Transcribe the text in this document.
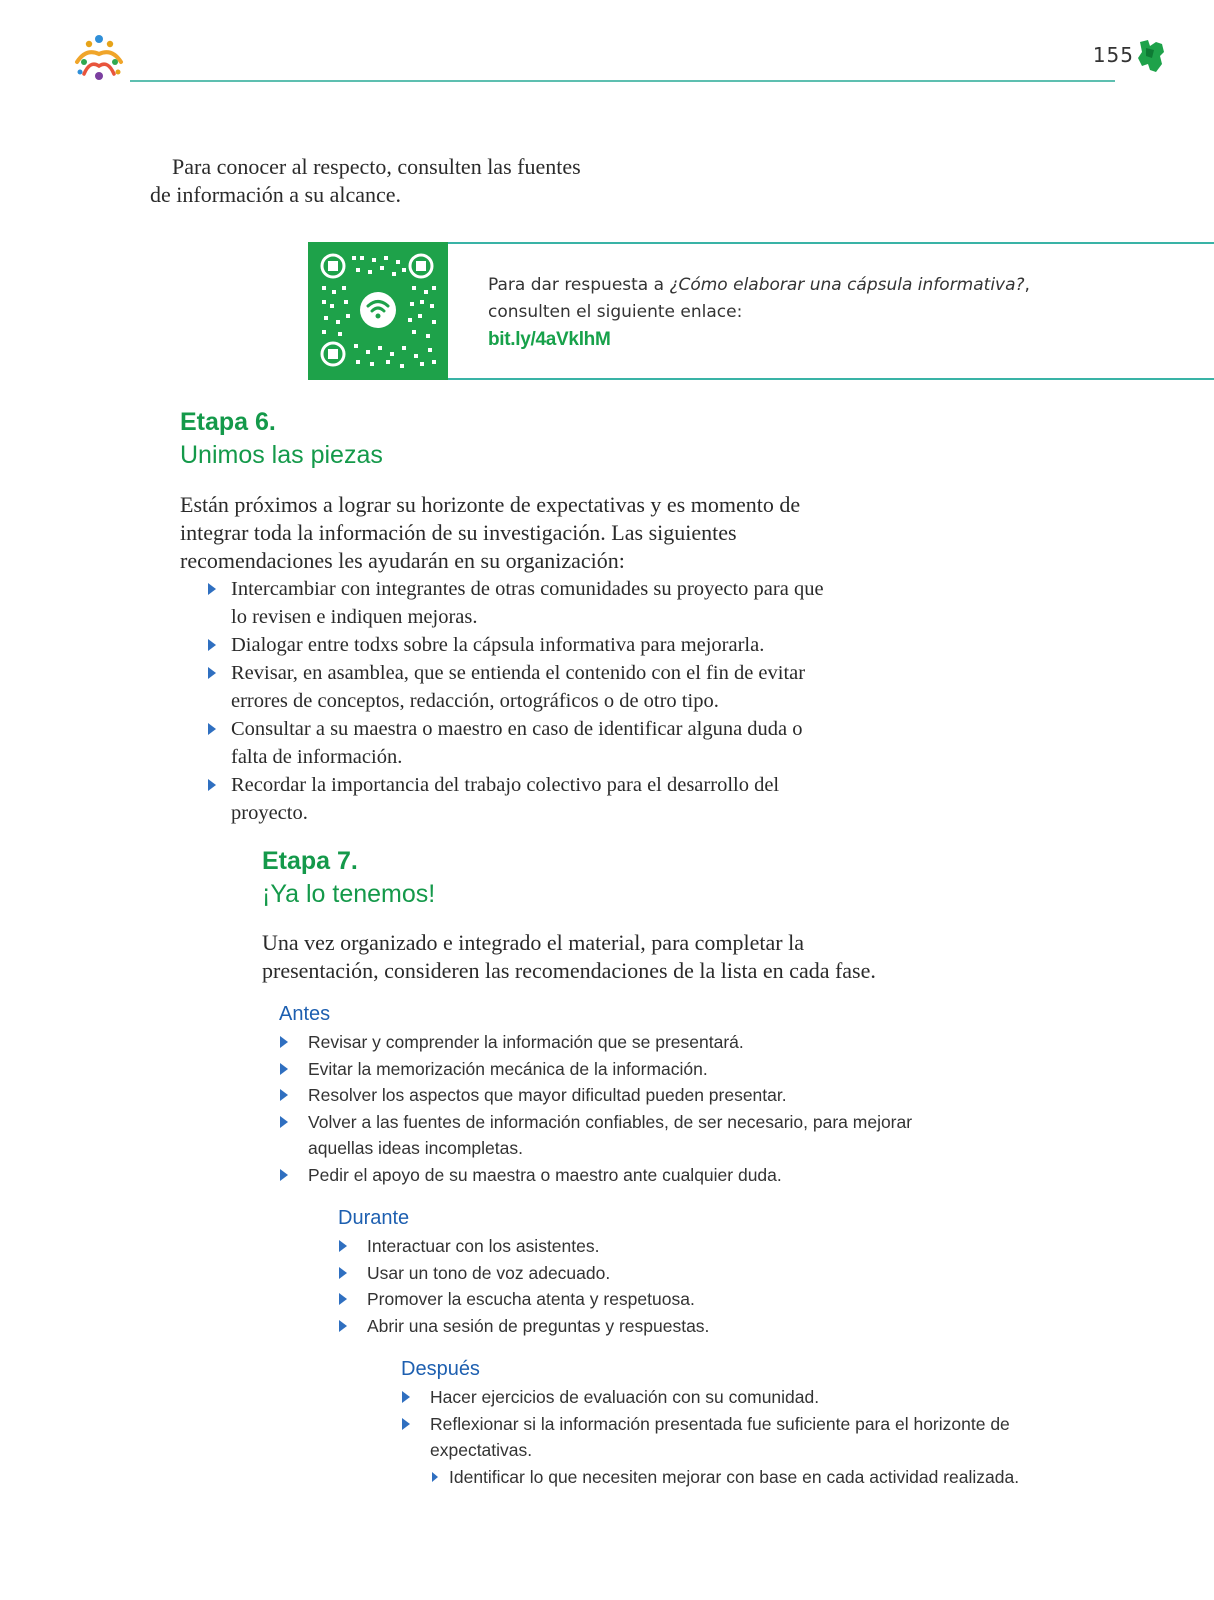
155
Para conocer al respecto, consulten las fuentes
de información a su alcance.
Para dar respuesta a ¿Cómo elaborar una cápsula informativa?,
consulten el siguiente enlace:
bit.ly/4aVklhM
Etapa 6.
Unimos las piezas
Están próximos a lograr su horizonte de expectativas y es momento de integrar toda la información de su investigación. Las siguientes recomendaciones les ayudarán en su organización:
Intercambiar con integrantes de otras comunidades su proyecto para que lo revisen e indiquen mejoras.
Dialogar entre todxs sobre la cápsula informativa para mejorarla.
Revisar, en asamblea, que se entienda el contenido con el fin de evitar errores de conceptos, redacción, ortográficos o de otro tipo.
Consultar a su maestra o maestro en caso de identificar alguna duda o falta de información.
Recordar la importancia del trabajo colectivo para el desarrollo del proyecto.
Etapa 7.
¡Ya lo tenemos!
Una vez organizado e integrado el material, para completar la presentación, consideren las recomendaciones de la lista en cada fase.
Antes
Revisar y comprender la información que se presentará.
Evitar la memorización mecánica de la información.
Resolver los aspectos que mayor dificultad pueden presentar.
Volver a las fuentes de información confiables, de ser necesario, para mejorar aquellas ideas incompletas.
Pedir el apoyo de su maestra o maestro ante cualquier duda.
Durante
Interactuar con los asistentes.
Usar un tono de voz adecuado.
Promover la escucha atenta y respetuosa.
Abrir una sesión de preguntas y respuestas.
Después
Hacer ejercicios de evaluación con su comunidad.
Reflexionar si la información presentada fue suficiente para el horizonte de expectativas.
Identificar lo que necesiten mejorar con base en cada actividad realizada.
